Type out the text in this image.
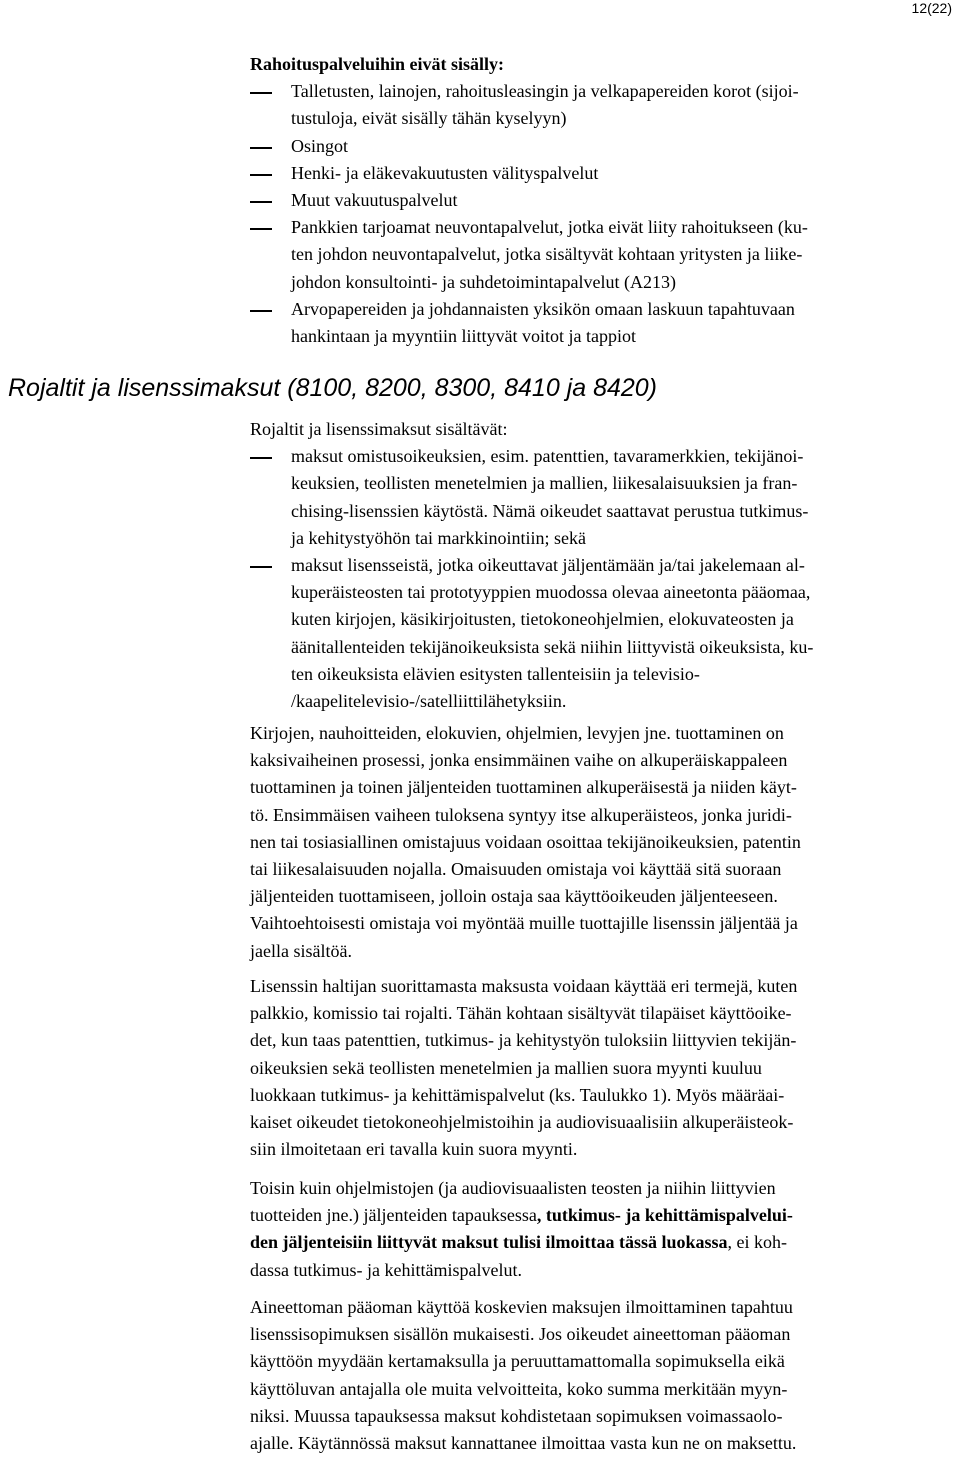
12(22)
Rahoituspalveluihin eivät sisälly:
Talletusten, lainojen, rahoitusleasingin ja velkapapereiden korot (sijoi-
tustuloja, eivät sisälly tähän kyselyyn)
Osingot
Henki- ja eläkevakuutusten välityspalvelut
Muut vakuutuspalvelut
Pankkien tarjoamat neuvontapalvelut, jotka eivät liity rahoitukseen (ku-
ten johdon neuvontapalvelut, jotka sisältyvät kohtaan yritysten ja liike-
johdon konsultointi- ja suhdetoimintapalvelut (A213)
Arvopapereiden ja johdannaisten yksikön omaan laskuun tapahtuvaan
hankintaan ja myyntiin liittyvät voitot ja tappiot
Rojaltit ja lisenssimaksut (8100, 8200, 8300, 8410 ja 8420)
Rojaltit ja lisenssimaksut sisältävät:
maksut omistusoikeuksien, esim. patenttien, tavaramerkkien, tekijänoi-
keuksien, teollisten menetelmien ja mallien, liikesalaisuuksien ja fran-
chising-lisenssien käytöstä. Nämä oikeudet saattavat perustua tutkimus-
ja kehitystyöhön tai markkinointiin; sekä
maksut lisensseistä, jotka oikeuttavat jäljentämään ja/tai jakelemaan al-
kuperäisteosten tai prototyyppien muodossa olevaa aineetonta pääomaa,
kuten kirjojen, käsikirjoitusten, tietokoneohjelmien, elokuvateosten ja
äänitallenteiden tekijänoikeuksista sekä niihin liittyvistä oikeuksista, ku-
ten oikeuksista elävien esitysten tallenteisiin ja televisio-
/kaapelitelevisio-/satelliittilähetyksiin.
Kirjojen, nauhoitteiden, elokuvien, ohjelmien, levyjen jne. tuottaminen on
kaksivaiheinen prosessi, jonka ensimmäinen vaihe on alkuperäiskappaleen
tuottaminen ja toinen jäljenteiden tuottaminen alkuperäisestä ja niiden käyt-
tö. Ensimmäisen vaiheen tuloksena syntyy itse alkuperäisteos, jonka juridi-
nen tai tosiasiallinen omistajuus voidaan osoittaa tekijänoikeuksien, patentin
tai liikesalaisuuden nojalla. Omaisuuden omistaja voi käyttää sitä suoraan
jäljenteiden tuottamiseen, jolloin ostaja saa käyttöoikeuden jäljenteeseen.
Vaihtoehtoisesti omistaja voi myöntää muille tuottajille lisenssin jäljentää ja
jaella sisältöä.
Lisenssin haltijan suorittamasta maksusta voidaan käyttää eri termejä, kuten
palkkio, komissio tai rojalti. Tähän kohtaan sisältyvät tilapäiset käyttöoike-
det, kun taas patenttien, tutkimus- ja kehitystyön tuloksiin liittyvien tekijän-
oikeuksien sekä teollisten menetelmien ja mallien suora myynti kuuluu
luokkaan tutkimus- ja kehittämispalvelut (ks. Taulukko 1). Myös määräai-
kaiset oikeudet tietokoneohjelmistoihin ja audiovisuaalisiin alkuperäisteok-
siin ilmoitetaan eri tavalla kuin suora myynti.
Toisin kuin ohjelmistojen (ja audiovisuaalisten teosten ja niihin liittyvien
tuotteiden jne.) jäljenteiden tapauksessa, tutkimus- ja kehittämispalvelui-
den jäljenteisiin liittyvät maksut tulisi ilmoittaa tässä luokassa, ei koh-
dassa tutkimus- ja kehittämispalvelut.
Aineettoman pääoman käyttöä koskevien maksujen ilmoittaminen tapahtuu
lisenssisopimuksen sisällön mukaisesti. Jos oikeudet aineettoman pääoman
käyttöön myydään kertamaksulla ja peruuttamattomalla sopimuksella eikä
käyttöluvan antajalla ole muita velvoitteita, koko summa merkitään myyn-
niksi. Muussa tapauksessa maksut kohdistetaan sopimuksen voimassaolo-
ajalle. Käytännössä maksut kannattanee ilmoittaa vasta kun ne on maksettu.
